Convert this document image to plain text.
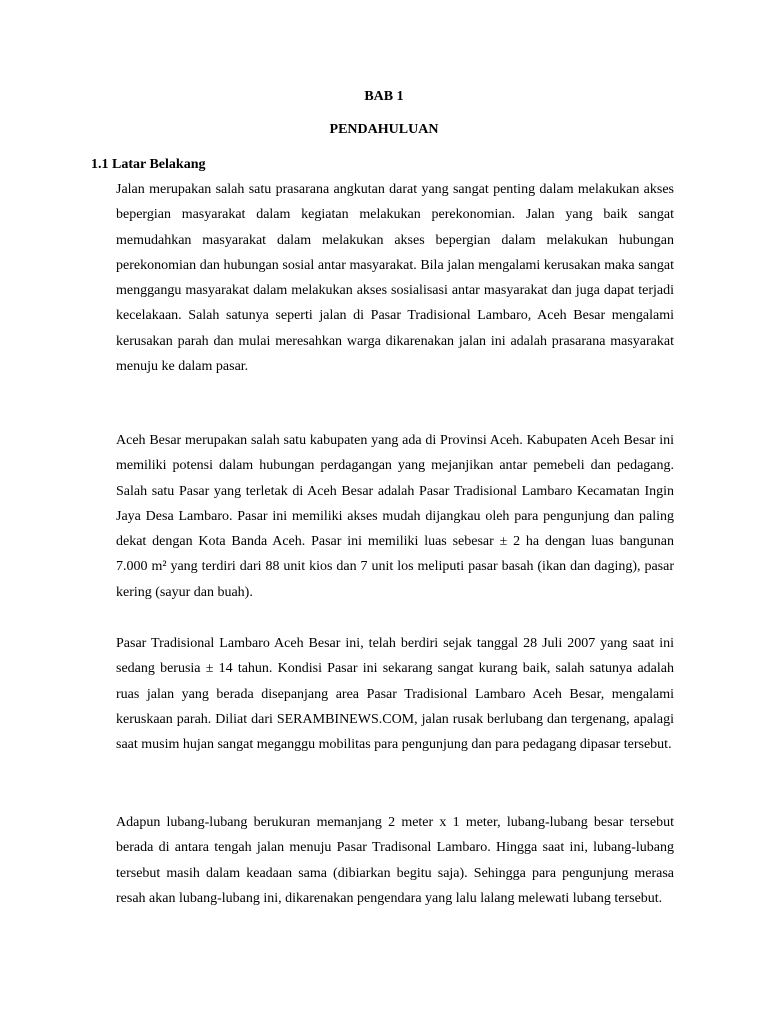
BAB 1
PENDAHULUAN
1.1 Latar Belakang

Jalan merupakan salah satu prasarana angkutan darat yang sangat penting dalam melakukan akses bepergian masyarakat dalam kegiatan melakukan perekonomian. Jalan yang baik sangat memudahkan masyarakat dalam melakukan akses bepergian dalam melakukan hubungan perekonomian dan hubungan sosial antar masyarakat. Bila jalan mengalami kerusakan maka sangat menggangu masyarakat dalam melakukan akses sosialisasi antar masyarakat dan juga dapat terjadi kecelakaan. Salah satunya seperti jalan di Pasar Tradisional Lambaro, Aceh Besar mengalami kerusakan parah dan mulai meresahkan warga dikarenakan jalan ini adalah prasarana masyarakat menuju ke dalam pasar.

Aceh Besar merupakan salah satu kabupaten yang ada di Provinsi Aceh. Kabupaten Aceh Besar ini memiliki potensi dalam hubungan perdagangan yang mejanjikan antar pemebeli dan pedagang. Salah satu Pasar yang terletak di Aceh Besar adalah Pasar Tradisional Lambaro Kecamatan Ingin Jaya Desa Lambaro. Pasar ini memiliki akses mudah dijangkau oleh para pengunjung dan paling dekat dengan Kota Banda Aceh. Pasar ini memiliki luas sebesar ± 2 ha dengan luas bangunan 7.000 m² yang terdiri dari 88 unit kios dan 7 unit los meliputi pasar basah (ikan dan daging), pasar kering (sayur dan buah).

Pasar Tradisional Lambaro Aceh Besar ini, telah berdiri sejak tanggal 28 Juli 2007 yang saat ini sedang berusia ± 14 tahun. Kondisi Pasar ini sekarang sangat kurang baik, salah satunya adalah ruas jalan yang berada disepanjang area Pasar Tradisional Lambaro Aceh Besar, mengalami keruskaan parah. Diliat dari SERAMBINEWS.COM, jalan rusak berlubang dan tergenang, apalagi saat musim hujan sangat meganggu mobilitas para pengunjung dan para pedagang dipasar tersebut.

Adapun lubang-lubang berukuran memanjang 2 meter x 1 meter, lubang-lubang besar tersebut berada di antara tengah jalan menuju Pasar Tradisonal Lambaro. Hingga saat ini, lubang-lubang tersebut masih dalam keadaan sama (dibiarkan begitu saja). Sehingga para pengunjung merasa resah akan lubang-lubang ini, dikarenakan pengendara yang lalu lalang melewati lubang tersebut.
